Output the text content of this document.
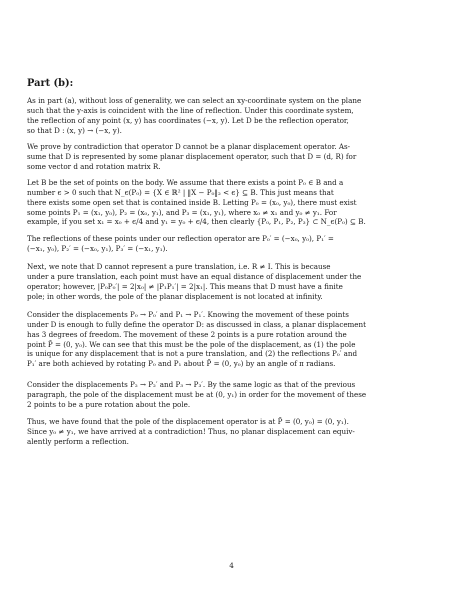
Part (b):
As in part (a), without loss of generality, we can select an xy-coordinate system on the plane
such that the y-axis is coincident with the line of reflection. Under this coordinate system,
the reflection of any point (x, y) has coordinates (−x, y). Let D be the reflection operator,
so that D : (x, y) → (−x, y).
We prove by contradiction that operator D cannot be a planar displacement operator. As-
sume that D is represented by some planar displacement operator, such that D = (d, R) for
some vector d and rotation matrix R.
Let B be the set of points on the body. We assume that there exists a point P₀ ∈ B and a
number ϵ > 0 such that N_ϵ(P₀) = {X ∈ ℝ² | ‖X − P₀‖₂ < ϵ} ⊆ B. This just means that
there exists some open set that is contained inside B. Letting P₀ = (x₀, y₀), there must exist
some points P₁ = (x₁, y₀), P₂ = (x₀, y₁), and P₃ = (x₁, y₁), where x₀ ≠ x₁ and y₀ ≠ y₁. For
example, if you set x₁ = x₀ + ϵ/4 and y₁ = y₀ + ϵ/4, then clearly {P₀, P₁, P₂, P₃} ⊂ N_ϵ(P₀) ⊆ B.
The reflections of these points under our reflection operator are P₀′ = (−x₀, y₀), P₁′ =
(−x₁, y₀), P₂′ = (−x₀, y₁), P₃′ = (−x₁, y₁).
Next, we note that D cannot represent a pure translation, i.e. R ≠ I. This is because
under a pure translation, each point must have an equal distance of displacement under the
operator; however, |P₀P₀′| = 2|x₀| ≠ |P₁P₁′| = 2|x₁|. This means that D must have a finite
pole; in other words, the pole of the planar displacement is not located at infinity.
Consider the displacements P₀ → P₀′ and P₁ → P₁′. Knowing the movement of these points
under D is enough to fully define the operator D: as discussed in class, a planar displacement
has 3 degrees of freedom. The movement of these 2 points is a pure rotation around the
point P̄ = (0, y₀). We can see that this must be the pole of the displacement, as (1) the pole
is unique for any displacement that is not a pure translation, and (2) the reflections P₀′ and
P₁′ are both achieved by rotating P₀ and P₁ about P̄ = (0, y₀) by an angle of π radians.
Consider the displacements P₂ → P₂′ and P₃ → P₃′. By the same logic as that of the previous
paragraph, the pole of the displacement must be at (0, y₁) in order for the movement of these
2 points to be a pure rotation about the pole.
Thus, we have found that the pole of the displacement operator is at P̄ = (0, y₀) = (0, y₁).
Since y₀ ≠ y₁, we have arrived at a contradiction! Thus, no planar displacement can equiv-
alently perform a reflection.
4
